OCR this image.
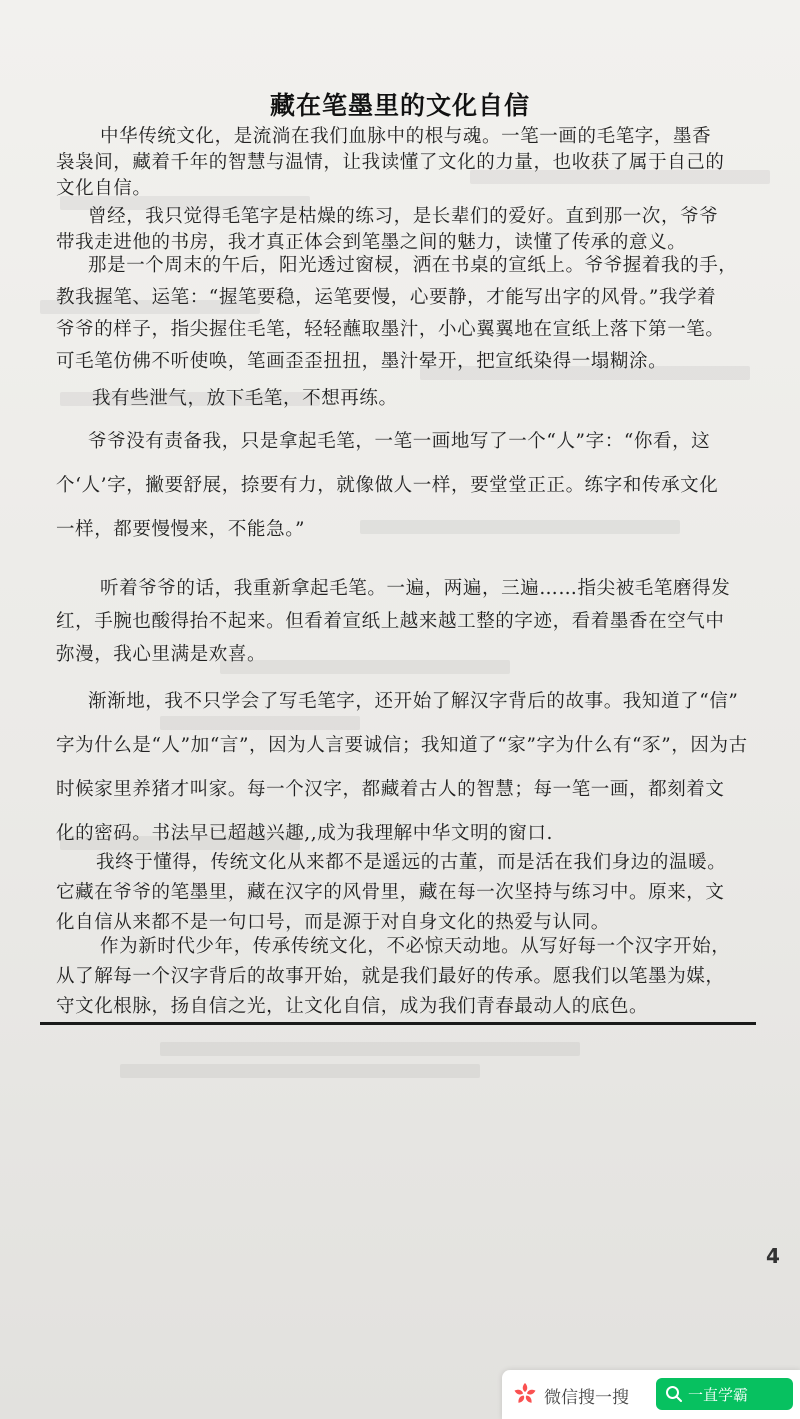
藏在笔墨里的文化自信
中华传统文化，是流淌在我们血脉中的根与魂。一笔一画的毛笔字，墨香
袅袅间，藏着千年的智慧与温情，让我读懂了文化的力量，也收获了属于自己的
文化自信。
曾经，我只觉得毛笔字是枯燥的练习，是长辈们的爱好。直到那一次，爷爷
带我走进他的书房，我才真正体会到笔墨之间的魅力，读懂了传承的意义。
那是一个周末的午后，阳光透过窗棂，洒在书桌的宣纸上。爷爷握着我的手，
教我握笔、运笔：“握笔要稳，运笔要慢，心要静，才能写出字的风骨。”我学着
爷爷的样子，指尖握住毛笔，轻轻蘸取墨汁，小心翼翼地在宣纸上落下第一笔。
可毛笔仿佛不听使唤，笔画歪歪扭扭，墨汁晕开，把宣纸染得一塌糊涂。
我有些泄气，放下毛笔，不想再练。
爷爷没有责备我，只是拿起毛笔，一笔一画地写了一个“人”字：“你看，这
个‘人’字，撇要舒展，捺要有力，就像做人一样，要堂堂正正。练字和传承文化
一样，都要慢慢来，不能急。”
听着爷爷的话，我重新拿起毛笔。一遍，两遍，三遍……指尖被毛笔磨得发
红，手腕也酸得抬不起来。但看着宣纸上越来越工整的字迹，看着墨香在空气中
弥漫，我心里满是欢喜。
渐渐地，我不只学会了写毛笔字，还开始了解汉字背后的故事。我知道了“信”
字为什么是“人”加“言”，因为人言要诚信；我知道了“家”字为什么有“豕”，因为古
时候家里养猪才叫家。每一个汉字，都藏着古人的智慧；每一笔一画，都刻着文
化的密码。书法早已超越兴趣,,成为我理解中华文明的窗口.
我终于懂得，传统文化从来都不是遥远的古董，而是活在我们身边的温暖。
它藏在爷爷的笔墨里，藏在汉字的风骨里，藏在每一次坚持与练习中。原来，文
化自信从来都不是一句口号，而是源于对自身文化的热爱与认同。
作为新时代少年，传承传统文化，不必惊天动地。从写好每一个汉字开始，
从了解每一个汉字背后的故事开始，就是我们最好的传承。愿我们以笔墨为媒，
守文化根脉，扬自信之光，让文化自信，成为我们青春最动人的底色。
4
微信搜一搜	一直学霸
